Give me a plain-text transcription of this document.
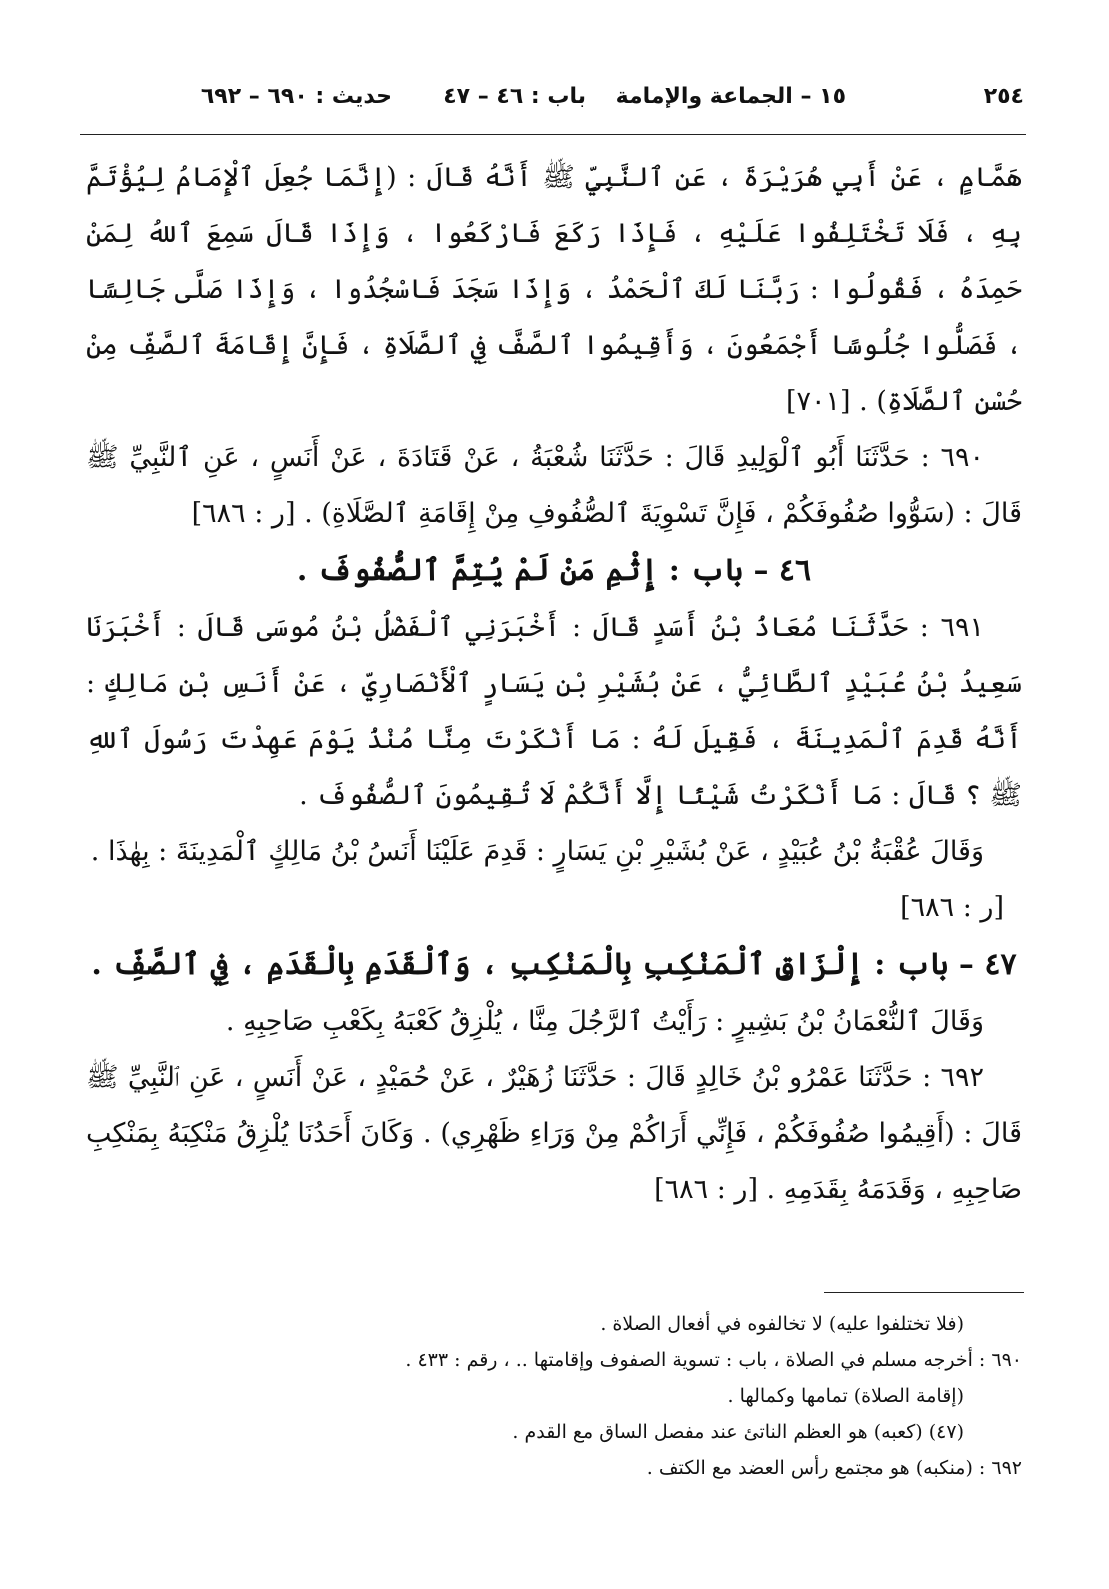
٢٥٤
١٥ – الجماعة والإمامة
باب : ٤٦ – ٤٧
حديث : ٦٩٠ – ٦٩٢

هَمَّامٍ ، عَنْ أَبِي هُرَيْرَةَ ، عَنِ ٱلنَّبِيِّ ﷺ أَنَّهُ قَالَ : (إِنَّمَا جُعِلَ ٱلْإِمَامُ لِيُؤْتَمَّ بِهِ ، فَلَا تَخْتَلِفُوا عَلَيْهِ ، فَإِذَا رَكَعَ فَارْكَعُوا ، وَإِذَا قَالَ سَمِعَ ٱللهُ لِمَنْ حَمِدَهُ ، فَقُولُوا : رَبَّنَا لَكَ ٱلْحَمْدُ ، وَإِذَا سَجَدَ فَاسْجُدُوا ، وَإِذَا صَلَّى جَالِسًا ، فَصَلُّوا جُلُوسًا أَجْمَعُونَ ، وَأَقِيمُوا ٱلصَّفَّ فِي ٱلصَّلَاةِ ، فَإِنَّ إِقَامَةَ ٱلصَّفِّ مِنْ حُسْنِ ٱلصَّلَاةِ) . [٧٠١]

٦٩٠ : حَدَّثَنَا أَبُو ٱلْوَلِيدِ قَالَ : حَدَّثَنَا شُعْبَةُ ، عَنْ قَتَادَةَ ، عَنْ أَنَسٍ ، عَنِ ٱلنَّبِيِّ ﷺ قَالَ : (سَوُّوا صُفُوفَكُمْ ، فَإِنَّ تَسْوِيَةَ ٱلصُّفُوفِ مِنْ إِقَامَةِ ٱلصَّلَاةِ) . [ر : ٦٨٦]

٤٦ – باب : إِثْمِ مَنْ لَمْ يُتِمَّ ٱلصُّفُوفَ .

٦٩١ : حَدَّثَنَا مُعَاذُ بْنُ أَسَدٍ قَالَ : أَخْبَرَنِي ٱلْفَضْلُ بْنُ مُوسَى قَالَ : أَخْبَرَنَا سَعِيدُ بْنُ عُبَيْدٍ ٱلطَّائِيُّ ، عَنْ بُشَيْرِ بْنِ يَسَارٍ ٱلْأَنْصَارِيِّ ، عَنْ أَنَسِ بْنِ مَالِكٍ : أَنَّهُ قَدِمَ ٱلْمَدِينَةَ ، فَقِيلَ لَهُ : مَا أَنْكَرْتَ مِنَّا مُنْذُ يَوْمَ عَهِدْتَ رَسُولَ ٱللهِ ﷺ ؟ قَالَ : مَا أَنْكَرْتُ شَيْئًا إِلَّا أَنَّكُمْ لَا تُقِيمُونَ ٱلصُّفُوفَ .

وَقَالَ عُقْبَةُ بْنُ عُبَيْدٍ ، عَنْ بُشَيْرِ بْنِ يَسَارٍ : قَدِمَ عَلَيْنَا أَنَسُ بْنُ مَالِكٍ ٱلْمَدِينَةَ : بِهٰذَا .

[ر : ٦٨٦]

٤٧ – باب : إِلْزَاقِ ٱلْمَنْكِبِ بِالْمَنْكِبِ ، وَٱلْقَدَمِ بِالْقَدَمِ ، فِي ٱلصَّفِّ .

وَقَالَ ٱلنُّعْمَانُ بْنُ بَشِيرٍ : رَأَيْتُ ٱلرَّجُلَ مِنَّا ، يُلْزِقُ كَعْبَهُ بِكَعْبِ صَاحِبِهِ .

٦٩٢ : حَدَّثَنَا عَمْرُو بْنُ خَالِدٍ قَالَ : حَدَّثَنَا زُهَيْرٌ ، عَنْ حُمَيْدٍ ، عَنْ أَنَسٍ ، عَنِ ٱلنَّبِيِّ ﷺ قَالَ : (أَقِيمُوا صُفُوفَكُمْ ، فَإِنِّي أَرَاكُمْ مِنْ وَرَاءِ ظَهْرِي) . وَكَانَ أَحَدُنَا يُلْزِقُ مَنْكِبَهُ بِمَنْكِبِ صَاحِبِهِ ، وَقَدَمَهُ بِقَدَمِهِ . [ر : ٦٨٦]

(فلا تختلفوا عليه) لا تخالفوه في أفعال الصلاة .

٦٩٠ : أخرجه مسلم في الصلاة ، باب : تسوية الصفوف وإقامتها .. ، رقم : ٤٣٣ .

(إقامة الصلاة) تمامها وكمالها .

(٤٧) (كعبه) هو العظم الناتئ عند مفصل الساق مع القدم .

٦٩٢ : (منكبه) هو مجتمع رأس العضد مع الكتف .
